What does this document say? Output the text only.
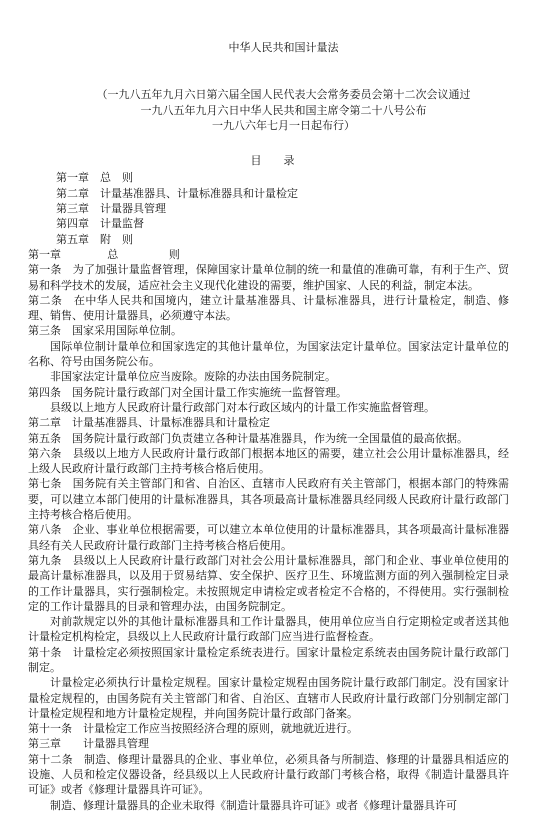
中华人民共和国计量法
（一九八五年九月六日第六届全国人民代表大会常务委员会第十二次会议通过
一九八五年九月六日中华人民共和国主席令第二十八号公布
一九八六年七月一日起布行）
目录
第一章　总　则
第二章　计量基准器具、计量标准器具和计量检定
第三章　计量器具管理
第四章　计量监督
第五章　附　则
第一章	总	则

第一条　为了加强计量监督管理，保障国家计量单位制的统一和量值的准确可靠，有利于生产、贸易和科学技术的发展，适应社会主义现代化建设的需要，维护国家、人民的利益，制定本法。

第二条　在中华人民共和国境内，建立计量基准器具、计量标准器具，进行计量检定，制造、修理、销售、使用计量器具，必须遵守本法。

第三条　国家采用国际单位制。

国际单位制计量单位和国家选定的其他计量单位，为国家法定计量单位。国家法定计量单位的名称、符号由国务院公布。

非国家法定计量单位应当废除。废除的办法由国务院制定。

第四条　国务院计量行政部门对全国计量工作实施统一监督管理。

县级以上地方人民政府计量行政部门对本行政区域内的计量工作实施监督管理。

第二章　计量基准器具、计量标准器具和计量检定

第五条　国务院计量行政部门负责建立各种计量基准器具，作为统一全国量值的最高依据。

第六条　县级以上地方人民政府计量行政部门根据本地区的需要，建立社会公用计量标准器具，经上级人民政府计量行政部门主持考核合格后使用。

第七条　国务院有关主管部门和省、自治区、直辖市人民政府有关主管部门，根据本部门的特殊需要，可以建立本部门使用的计量标准器具，其各项最高计量标准器具经同级人民政府计量行政部门主持考核合格后使用。

第八条　企业、事业单位根据需要，可以建立本单位使用的计量标准器具，其各项最高计量标准器具经有关人民政府计量行政部门主持考核合格后使用。

第九条　县级以上人民政府计量行政部门对社会公用计量标准器具，部门和企业、事业单位使用的最高计量标准器具，以及用于贸易结算、安全保护、医疗卫生、环境监测方面的列入强制检定目录的工作计量器具，实行强制检定。未按照规定申请检定或者检定不合格的，不得使用。实行强制检定的工作计量器具的目录和管理办法，由国务院制定。

对前款规定以外的其他计量标准器具和工作计量器具，使用单位应当自行定期检定或者送其他计量检定机构检定，县级以上人民政府计量行政部门应当进行监督检查。

第十条　计量检定必须按照国家计量检定系统表进行。国家计量检定系统表由国务院计量行政部门制定。

计量检定必须执行计量检定规程。国家计量检定规程由国务院计量行政部门制定。没有国家计量检定规程的，由国务院有关主管部门和省、自治区、直辖市人民政府计量行政部门分别制定部门计量检定规程和地方计量检定规程，并向国务院计量行政部门备案。

第十一条　计量检定工作应当按照经济合理的原则，就地就近进行。

第三章　　计量器具管理

第十二条　制造、修理计量器具的企业、事业单位，必须具备与所制造、修理的计量器具相适应的设施、人员和检定仪器设备，经县级以上人民政府计量行政部门考核合格，取得《制造计量器具许可证》或者《修理计量器具许可证》。

制造、修理计量器具的企业未取得《制造计量器具许可证》或者《修理计量器具许可
